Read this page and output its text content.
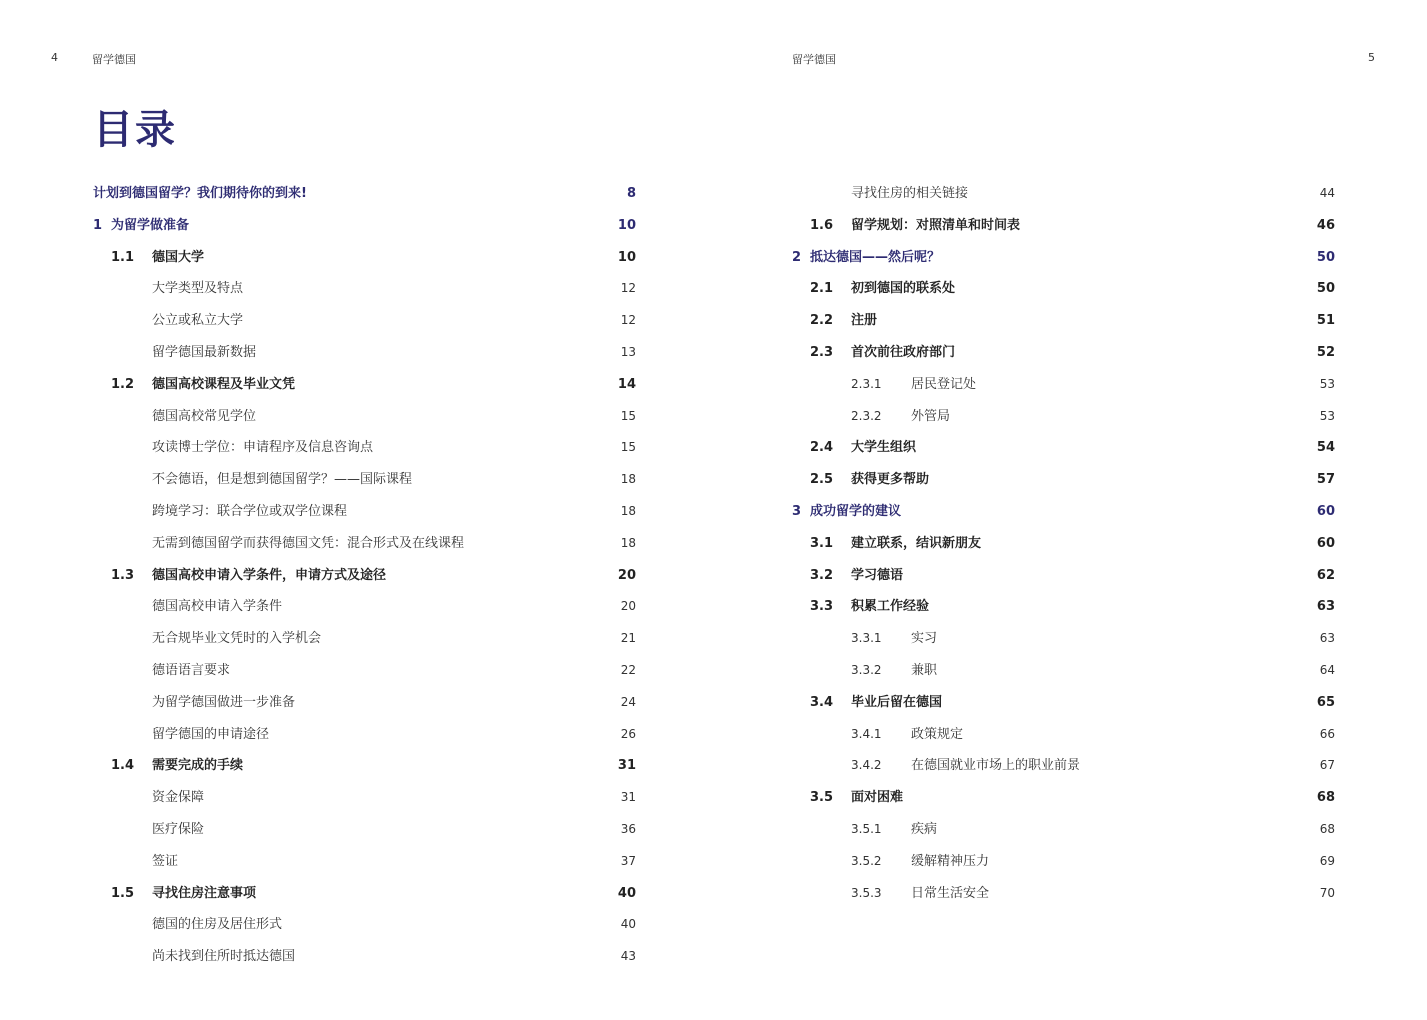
4	留学德国	留学德国	5
目录
计划到德国留学？我们期待你的到来!	8
1 为留学做准备	10
1.1 德国大学	10
大学类型及特点	12
公立或私立大学	12
留学德国最新数据	13
1.2 德国高校课程及毕业文凭	14
德国高校常见学位	15
攻读博士学位：申请程序及信息咨询点	15
不会德语，但是想到德国留学？——国际课程	18
跨境学习：联合学位或双学位课程	18
无需到德国留学而获得德国文凭：混合形式及在线课程	18
1.3 德国高校申请入学条件，申请方式及途径	20
德国高校申请入学条件	20
无合规毕业文凭时的入学机会	21
德语语言要求	22
为留学德国做进一步准备	24
留学德国的申请途径	26
1.4 需要完成的手续	31
资金保障	31
医疗保险	36
签证	37
1.5 寻找住房注意事项	40
德国的住房及居住形式	40
尚未找到住所时抵达德国	43
寻找住房的相关链接	44
1.6 留学规划：对照清单和时间表	46
2 抵达德国——然后呢？	50
2.1 初到德国的联系处	50
2.2 注册	51
2.3 首次前往政府部门	52
2.3.1 居民登记处	53
2.3.2 外管局	53
2.4 大学生组织	54
2.5 获得更多帮助	57
3 成功留学的建议	60
3.1 建立联系，结识新朋友	60
3.2 学习德语	62
3.3 积累工作经验	63
3.3.1 实习	63
3.3.2 兼职	64
3.4 毕业后留在德国	65
3.4.1 政策规定	66
3.4.2 在德国就业市场上的职业前景	67
3.5 面对困难	68
3.5.1 疾病	68
3.5.2 缓解精神压力	69
3.5.3 日常生活安全	70
